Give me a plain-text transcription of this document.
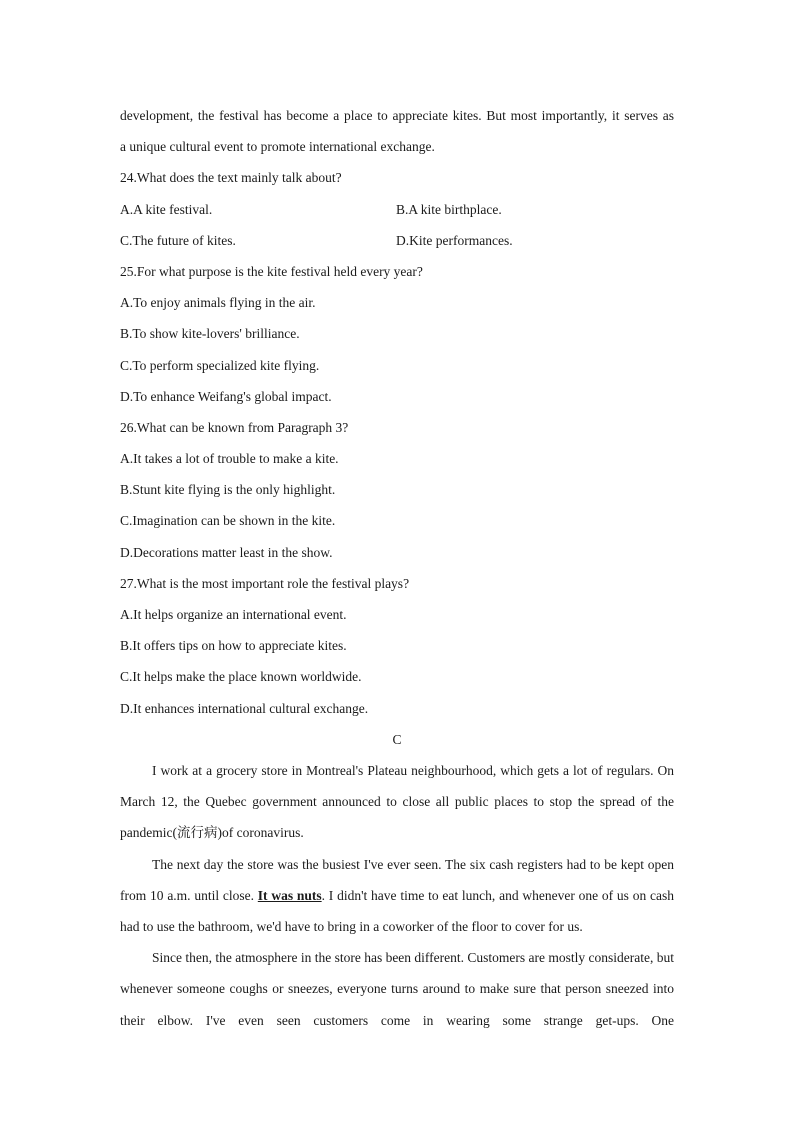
development, the festival has become a place to appreciate kites. But most importantly, it serves as
a unique cultural event to promote international exchange.
24.What does the text mainly talk about?
A.A kite festival.	B.A kite birthplace.
C.The future of kites.	D.Kite performances.
25.For what purpose is the kite festival held every year?
A.To enjoy animals flying in the air.
B.To show kite-lovers' brilliance.
C.To perform specialized kite flying.
D.To enhance Weifang's global impact.
26.What can be known from Paragraph 3?
A.It takes a lot of trouble to make a kite.
B.Stunt kite flying is the only highlight.
C.Imagination can be shown in the kite.
D.Decorations matter least in the show.
27.What is the most important role the festival plays?
A.It helps organize an international event.
B.It offers tips on how to appreciate kites.
C.It helps make the place known worldwide.
D.It enhances international cultural exchange.
C
I work at a grocery store in Montreal's Plateau neighbourhood, which gets a lot of regulars. On March 12, the Quebec government announced to close all public places to stop the spread of the pandemic(流行病)of coronavirus.
The next day the store was the busiest I've ever seen. The six cash registers had to be kept open from 10 a.m. until close. It was nuts. I didn't have time to eat lunch, and whenever one of us on cash had to use the bathroom, we'd have to bring in a coworker of the floor to cover for us.
Since then, the atmosphere in the store has been different. Customers are mostly considerate, but whenever someone coughs or sneezes, everyone turns around to make sure that person sneezed into their elbow. I've even seen customers come in wearing some strange get-ups. One
